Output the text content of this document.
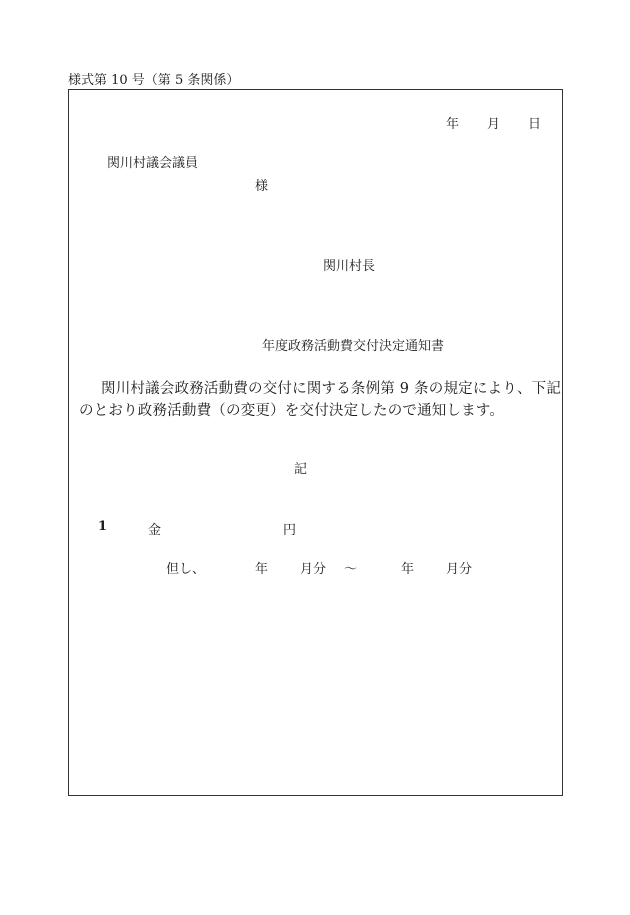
様式第 10 号（第 5 条関係）
年 月 日
関川村議会議員
様
関川村長
年度政務活動費交付決定通知書
関川村議会政務活動費の交付に関する条例第 9 条の規定により、下記
のとおり政務活動費（の変更）を交付決定したので通知します。
記
1	金	円
但し、	年 月分 ～	年 月分
